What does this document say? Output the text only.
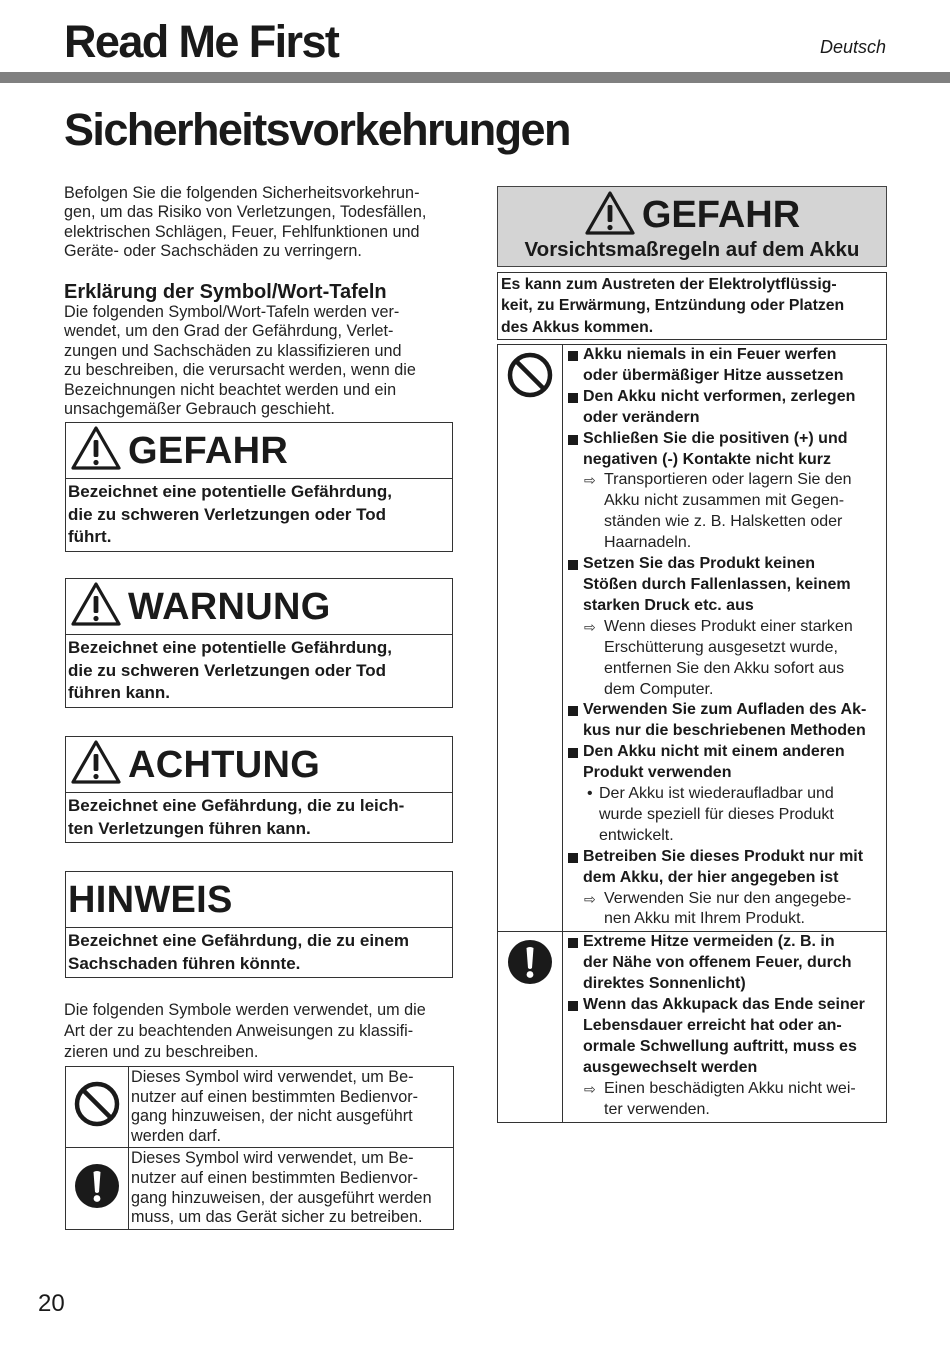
Read Me First	Deutsch
Sicherheitsvorkehrungen
Befolgen Sie die folgenden Sicherheitsvorkehrun-
gen, um das Risiko von Verletzungen, Todesfällen,
elektrischen Schlägen, Feuer, Fehlfunktionen und
Geräte- oder Sachschäden zu verringern.
Erklärung der Symbol/Wort-Tafeln
Die folgenden Symbol/Wort-Tafeln werden ver-
wendet, um den Grad der Gefährdung, Verlet-
zungen und Sachschäden zu klassifizieren und
zu beschreiben, die verursacht werden, wenn die
Bezeichnungen nicht beachtet werden und ein
unsachgemäßer Gebrauch geschieht.
GEFAHR
Bezeichnet eine potentielle Gefährdung,
die zu schweren Verletzungen oder Tod
führt.
WARNUNG
Bezeichnet eine potentielle Gefährdung,
die zu schweren Verletzungen oder Tod
führen kann.
ACHTUNG
Bezeichnet eine Gefährdung, die zu leich-
ten Verletzungen führen kann.
HINWEIS
Bezeichnet eine Gefährdung, die zu einem
Sachschaden führen könnte.
Die folgenden Symbole werden verwendet, um die
Art der zu beachtenden Anweisungen zu klassifi-
zieren und zu beschreiben.

Dieses Symbol wird verwendet, um Be-
nutzer auf einen bestimmten Bedienvor-
gang hinzuweisen, der nicht ausgeführt
werden darf.

Dieses Symbol wird verwendet, um Be-
nutzer auf einen bestimmten Bedienvor-
gang hinzuweisen, der ausgeführt werden
muss, um das Gerät sicher zu betreiben.
GEFAHR
Vorsichtsmaßregeln auf dem Akku
Es kann zum Austreten der Elektrolytflüssig-
keit, zu Erwärmung, Entzündung oder Platzen
des Akkus kommen.

Akku niemals in ein Feuer werfen
oder übermäßiger Hitze aussetzen
Den Akku nicht verformen, zerlegen
oder verändern
Schließen Sie die positiven (+) und
negativen (-) Kontakte nicht kurz
⇨ Transportieren oder lagern Sie den
Akku nicht zusammen mit Gegen-
ständen wie z. B. Halsketten oder
Haarnadeln.
Setzen Sie das Produkt keinen
Stößen durch Fallenlassen, keinem
starken Druck etc. aus
⇨ Wenn dieses Produkt einer starken
Erschütterung ausgesetzt wurde,
entfernen Sie den Akku sofort aus
dem Computer.
Verwenden Sie zum Aufladen des Ak-
kus nur die beschriebenen Methoden
Den Akku nicht mit einem anderen
Produkt verwenden
• Der Akku ist wiederaufladbar und
wurde speziell für dieses Produkt
entwickelt.
Betreiben Sie dieses Produkt nur mit
dem Akku, der hier angegeben ist
⇨ Verwenden Sie nur den angegebe-
nen Akku mit Ihrem Produkt.

Extreme Hitze vermeiden (z. B. in
der Nähe von offenem Feuer, durch
direktes Sonnenlicht)
Wenn das Akkupack das Ende seiner
Lebensdauer erreicht hat oder an-
ormale Schwellung auftritt, muss es
ausgewechselt werden
⇨ Einen beschädigten Akku nicht wei-
ter verwenden.
20
